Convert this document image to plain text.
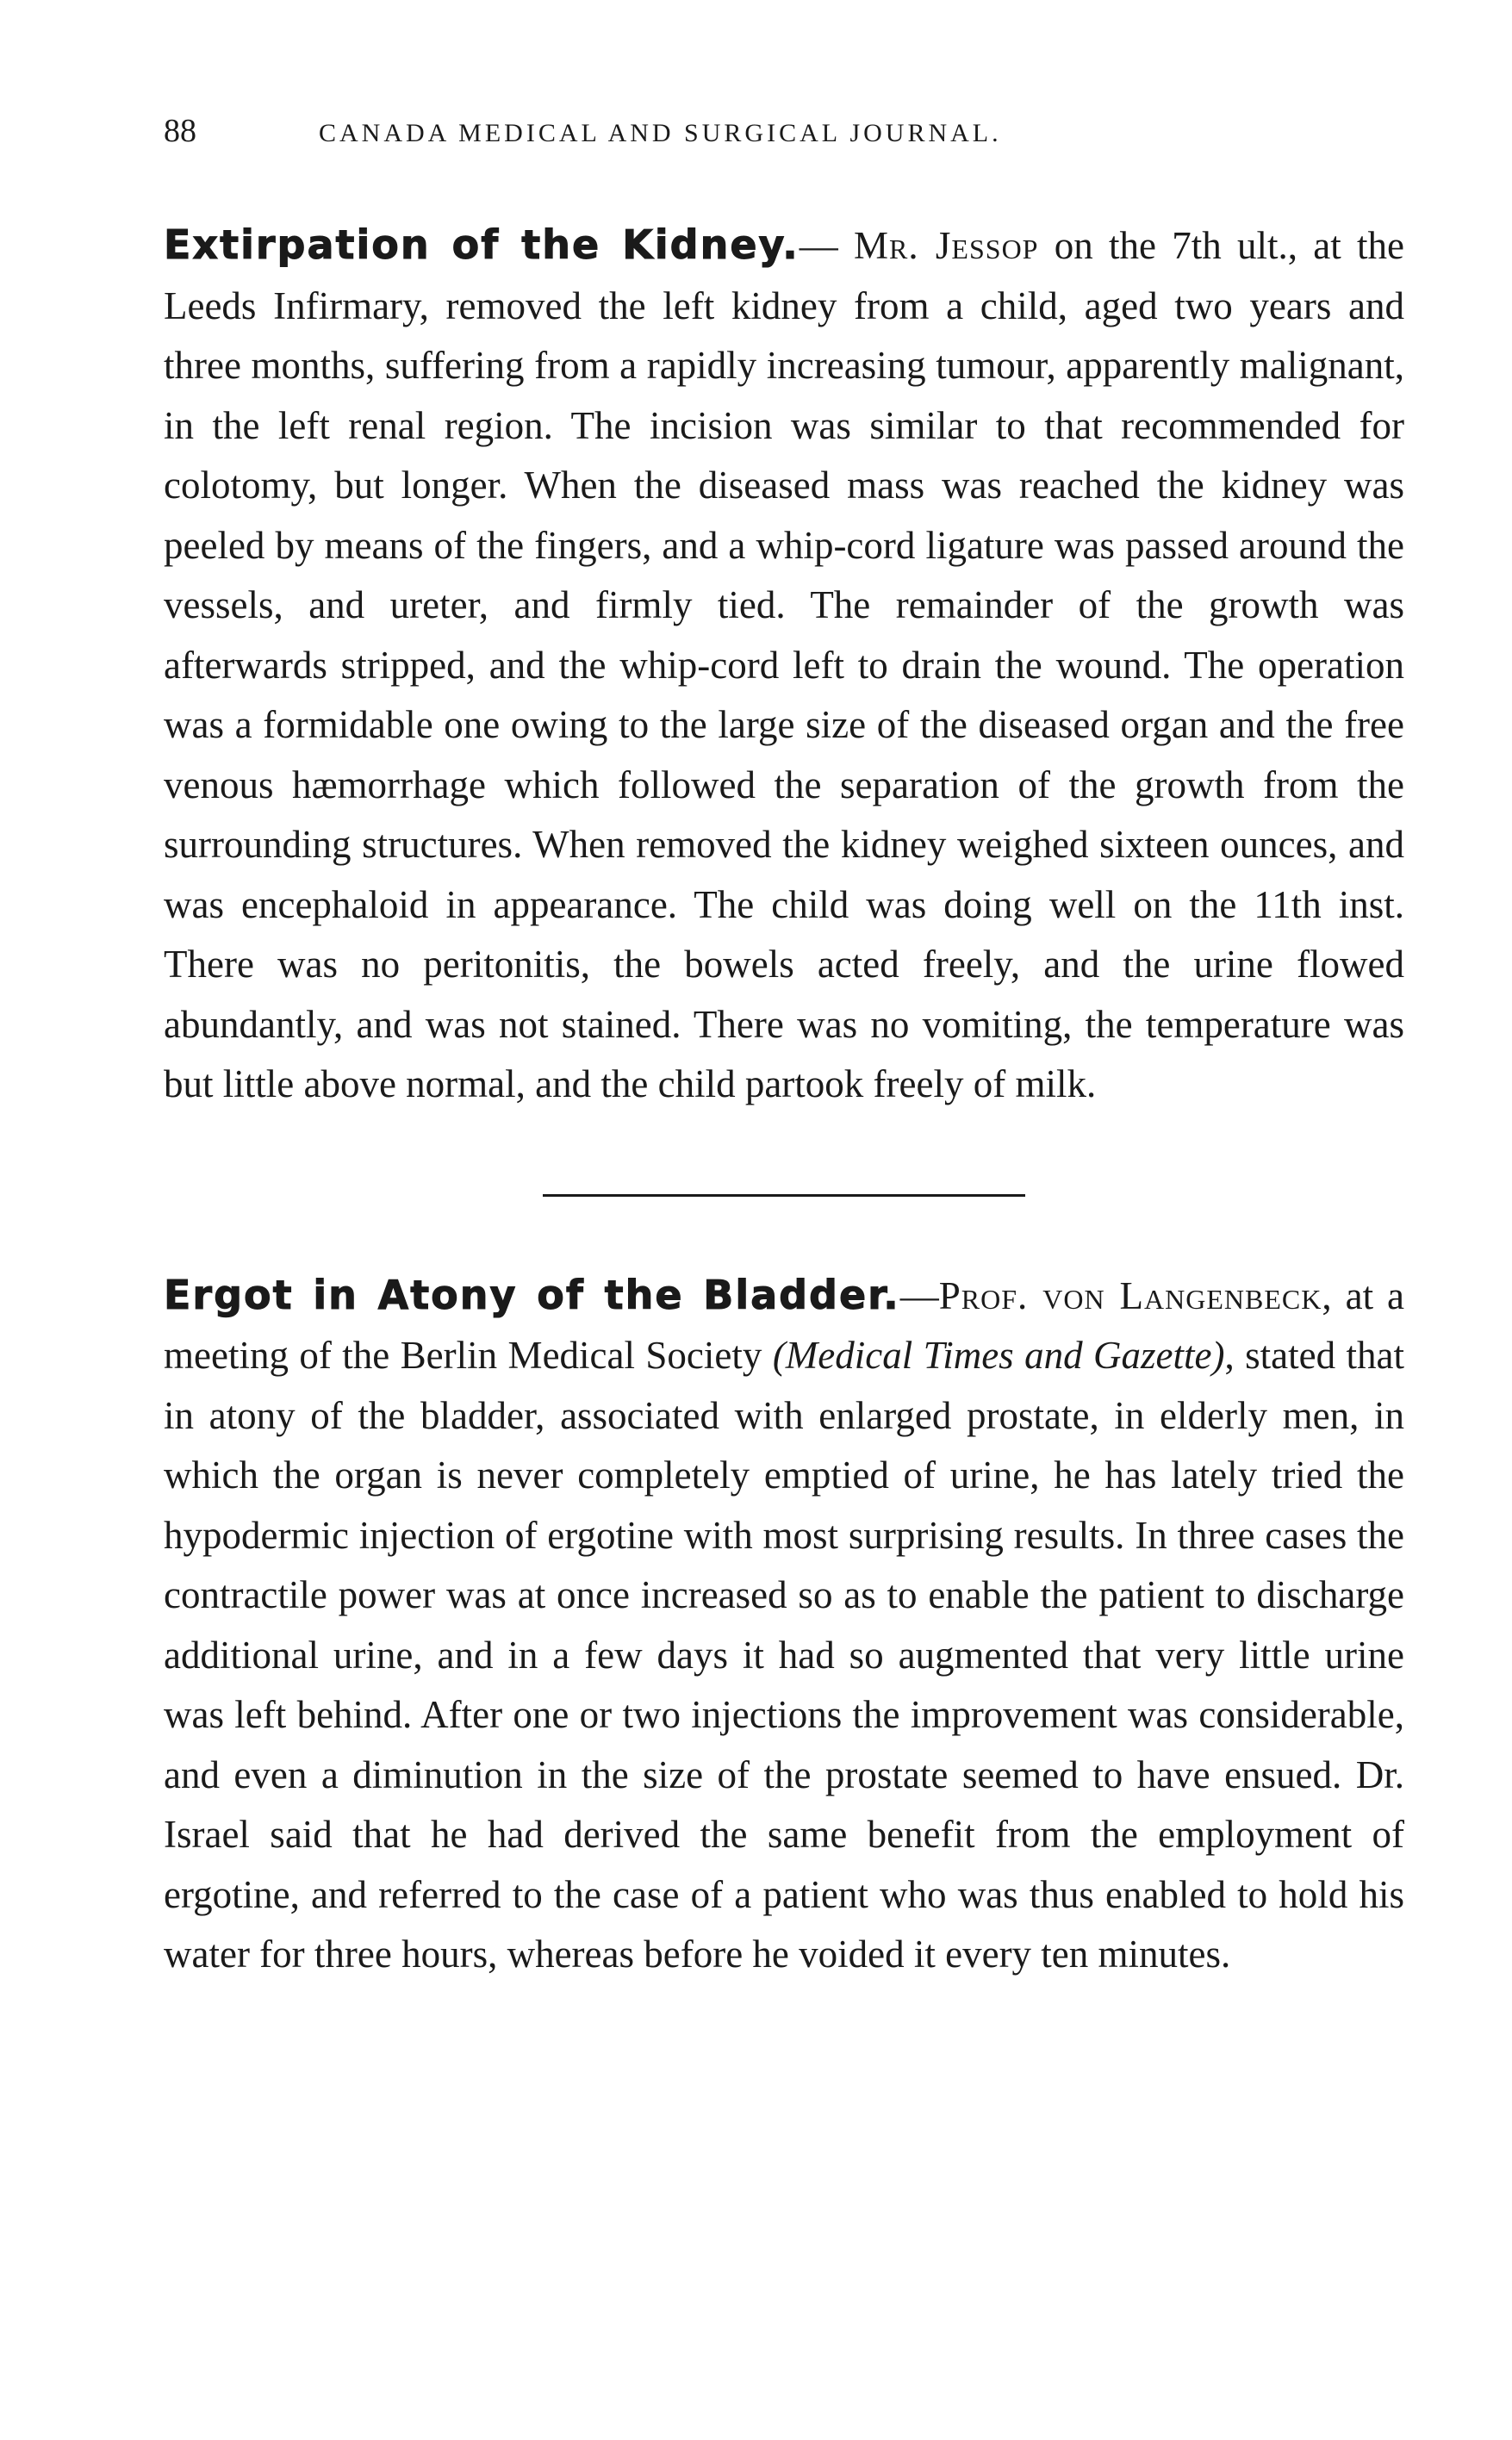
88	CANADA MEDICAL AND SURGICAL JOURNAL.

Extirpation of the Kidney.— Mr. Jessop on the 7th ult., at the Leeds Infirmary, removed the left kidney from a child, aged two years and three months, suffering from a rapidly increasing tumour, apparently malignant, in the left renal region. The incision was similar to that recommended for colotomy, but longer. When the diseased mass was reached the kidney was peeled by means of the fingers, and a whip-cord ligature was passed around the vessels, and ureter, and firmly tied. The remainder of the growth was afterwards stripped, and the whip-cord left to drain the wound. The operation was a formidable one owing to the large size of the diseased organ and the free venous hæmorrhage which followed the separation of the growth from the surrounding structures. When removed the kidney weighed sixteen ounces, and was encephaloid in appearance. The child was doing well on the 11th inst. There was no peritonitis, the bowels acted freely, and the urine flowed abundantly, and was not stained. There was no vomiting, the temperature was but little above normal, and the child partook freely of milk.

Ergot in Atony of the Bladder.—Prof. von Langenbeck, at a meeting of the Berlin Medical Society (Medical Times and Gazette), stated that in atony of the bladder, associated with enlarged prostate, in elderly men, in which the organ is never completely emptied of urine, he has lately tried the hypodermic injection of ergotine with most surprising results. In three cases the contractile power was at once increased so as to enable the patient to discharge additional urine, and in a few days it had so augmented that very little urine was left behind. After one or two injections the improvement was considerable, and even a diminution in the size of the prostate seemed to have ensued. Dr. Israel said that he had derived the same benefit from the employment of ergotine, and referred to the case of a patient who was thus enabled to hold his water for three hours, whereas before he voided it every ten minutes.
